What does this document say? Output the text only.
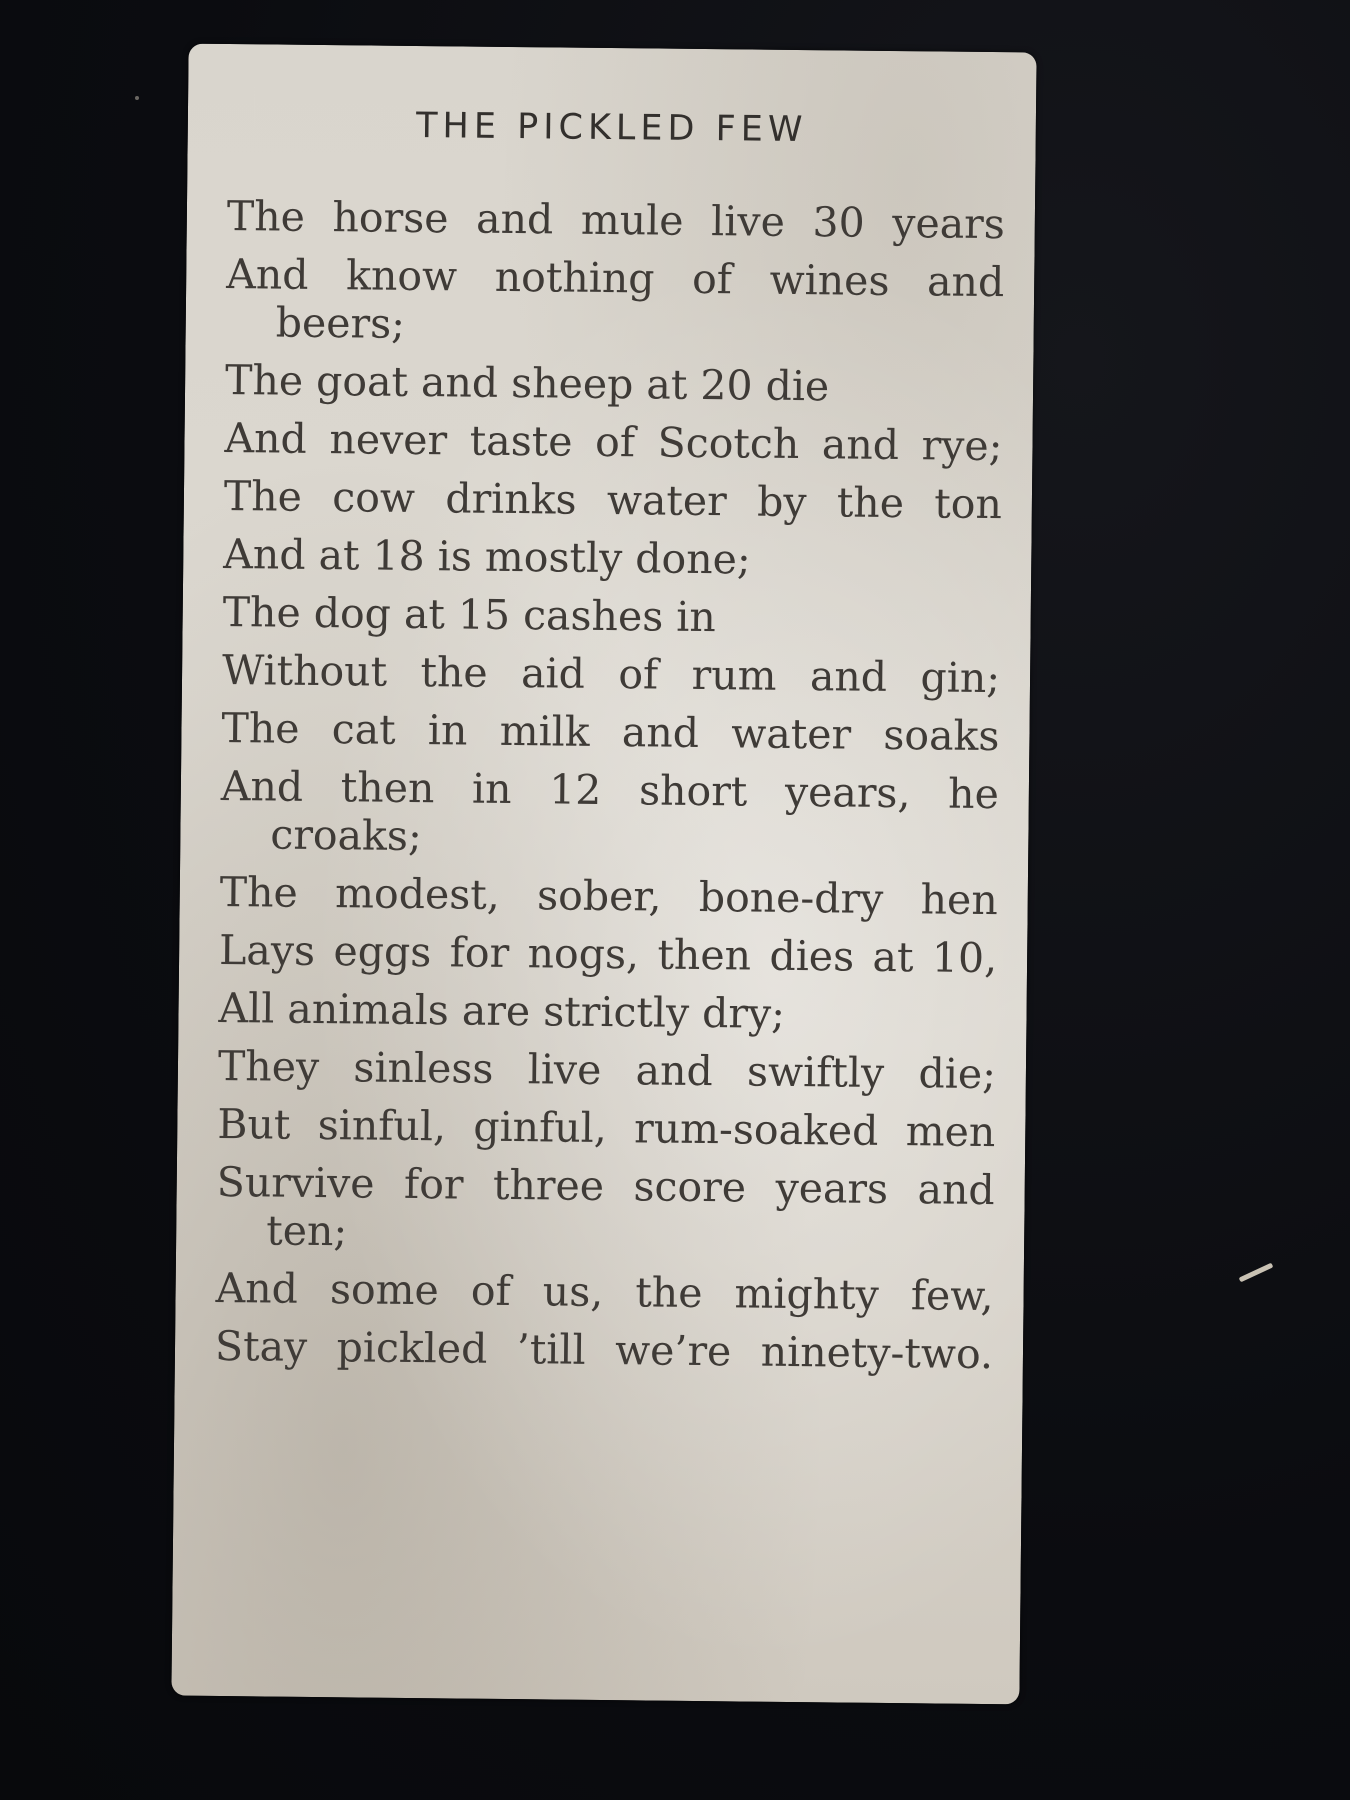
THE PICKLED FEW
The horse and mule live 30 years
And know nothing of wines and beers;
The goat and sheep at 20 die
And never taste of Scotch and rye;
The cow drinks water by the ton
And at 18 is mostly done;
The dog at 15 cashes in
Without the aid of rum and gin;
The cat in milk and water soaks
And then in 12 short years, he croaks;
The modest, sober, bone-dry hen
Lays eggs for nogs, then dies at 10,
All animals are strictly dry;
They sinless live and swiftly die;
But sinful, ginful, rum-soaked men
Survive for three score years and ten;
And some of us, the mighty few,
Stay pickled ’till we’re ninety-two.
